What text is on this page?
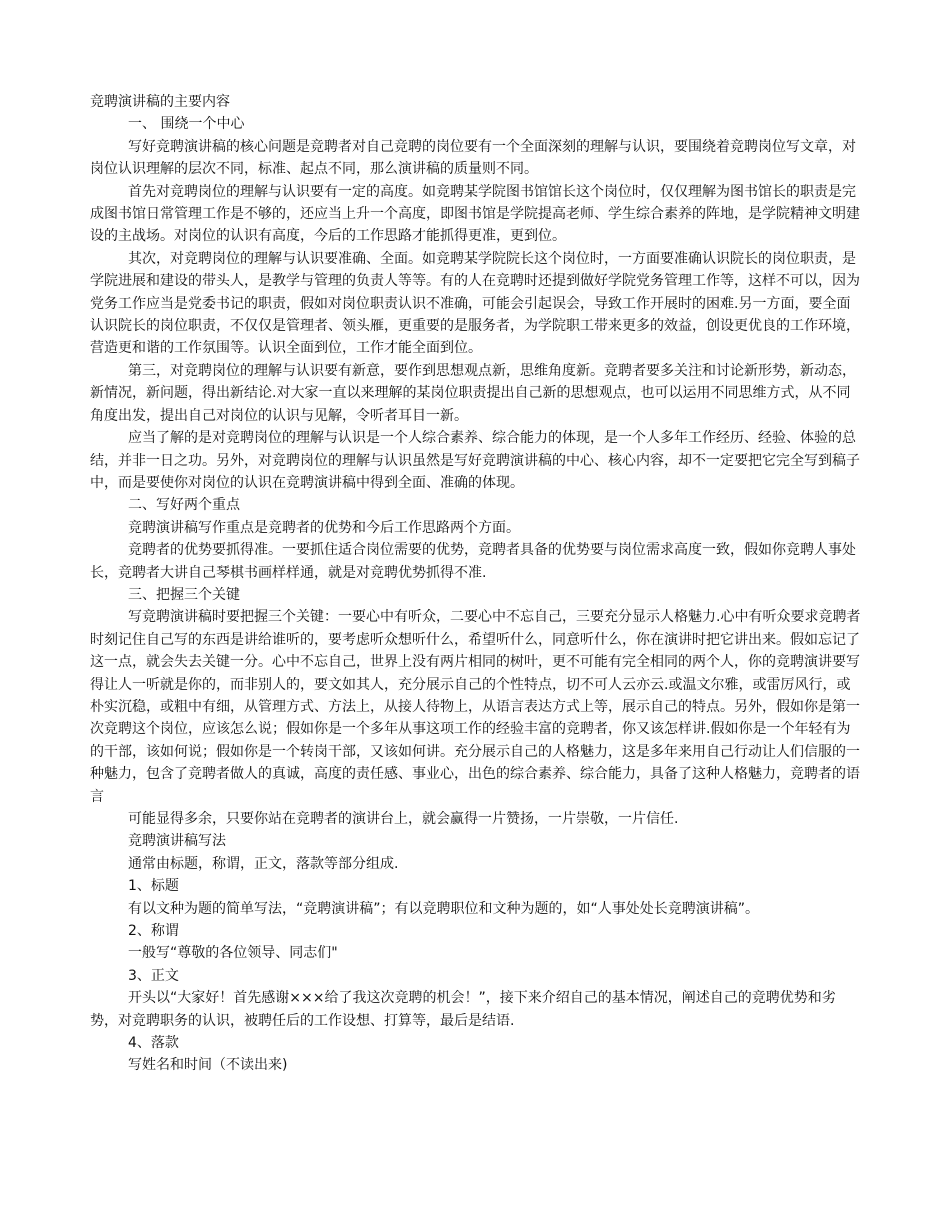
竞聘演讲稿的主要内容

一、 围绕一个中心

写好竞聘演讲稿的核心问题是竞聘者对自己竞聘的岗位要有一个全面深刻的理解与认识，要围绕着竞聘岗位写文章，对岗位认识理解的层次不同，标准、起点不同，那么演讲稿的质量则不同。

首先对竞聘岗位的理解与认识要有一定的高度。如竞聘某学院图书馆馆长这个岗位时，仅仅理解为图书馆长的职责是完成图书馆日常管理工作是不够的，还应当上升一个高度，即图书馆是学院提高老师、学生综合素养的阵地，是学院精神文明建设的主战场。对岗位的认识有高度，今后的工作思路才能抓得更准，更到位。

其次，对竞聘岗位的理解与认识要准确、全面。如竞聘某学院院长这个岗位时，一方面要准确认识院长的岗位职责，是学院进展和建设的带头人，是教学与管理的负责人等等。有的人在竞聘时还提到做好学院党务管理工作等，这样不可以，因为党务工作应当是党委书记的职责，假如对岗位职责认识不准确，可能会引起误会，导致工作开展时的困难.另一方面，要全面认识院长的岗位职责，不仅仅是管理者、领头雁，更重要的是服务者，为学院职工带来更多的效益，创设更优良的工作环境，营造更和谐的工作氛围等。认识全面到位，工作才能全面到位。

第三，对竞聘岗位的理解与认识要有新意，要作到思想观点新，思维角度新。竞聘者要多关注和讨论新形势，新动态，新情况，新问题，得出新结论.对大家一直以来理解的某岗位职责提出自己新的思想观点，也可以运用不同思维方式，从不同角度出发，提出自己对岗位的认识与见解，令听者耳目一新。

应当了解的是对竞聘岗位的理解与认识是一个人综合素养、综合能力的体现，是一个人多年工作经历、经验、体验的总结，并非一日之功。另外，对竞聘岗位的理解与认识虽然是写好竞聘演讲稿的中心、核心内容，却不一定要把它完全写到稿子中，而是要使你对岗位的认识在竞聘演讲稿中得到全面、准确的体现。

二、写好两个重点

竞聘演讲稿写作重点是竞聘者的优势和今后工作思路两个方面。

竞聘者的优势要抓得准。一要抓住适合岗位需要的优势，竞聘者具备的优势要与岗位需求高度一致，假如你竞聘人事处长，竞聘者大讲自己琴棋书画样样通，就是对竞聘优势抓得不准.

三、把握三个关键

写竞聘演讲稿时要把握三个关键：一要心中有听众，二要心中不忘自己，三要充分显示人格魅力.心中有听众要求竞聘者时刻记住自己写的东西是讲给谁听的，要考虑听众想听什么，希望听什么，同意听什么，你在演讲时把它讲出来。假如忘记了这一点，就会失去关键一分。心中不忘自己，世界上没有两片相同的树叶，更不可能有完全相同的两个人，你的竞聘演讲要写得让人一听就是你的，而非别人的，要文如其人，充分展示自己的个性特点，切不可人云亦云.或温文尔雅，或雷厉风行，或朴实沉稳，或粗中有细，从管理方式、方法上，从接人待物上，从语言表达方式上等，展示自己的特点。另外，假如你是第一次竞聘这个岗位，应该怎么说；假如你是一个多年从事这项工作的经验丰富的竞聘者，你又该怎样讲.假如你是一个年轻有为的干部，该如何说；假如你是一个转岗干部，又该如何讲。充分展示自己的人格魅力，这是多年来用自己行动让人们信服的一种魅力，包含了竞聘者做人的真诚，高度的责任感、事业心，出色的综合素养、综合能力，具备了这种人格魅力，竞聘者的语言

可能显得多余，只要你站在竞聘者的演讲台上，就会赢得一片赞扬，一片崇敬，一片信任.

竞聘演讲稿写法

通常由标题，称谓，正文，落款等部分组成.

1、标题

有以文种为题的简单写法，“竞聘演讲稿”；有以竞聘职位和文种为题的，如“人事处处长竞聘演讲稿”。

2、称谓

一般写“尊敬的各位领导、同志们"

3、正文

开头以“大家好！首先感谢×××给了我这次竞聘的机会！”，接下来介绍自己的基本情况，阐述自己的竞聘优势和劣势，对竞聘职务的认识，被聘任后的工作设想、打算等，最后是结语.

4、落款

写姓名和时间（不读出来)
